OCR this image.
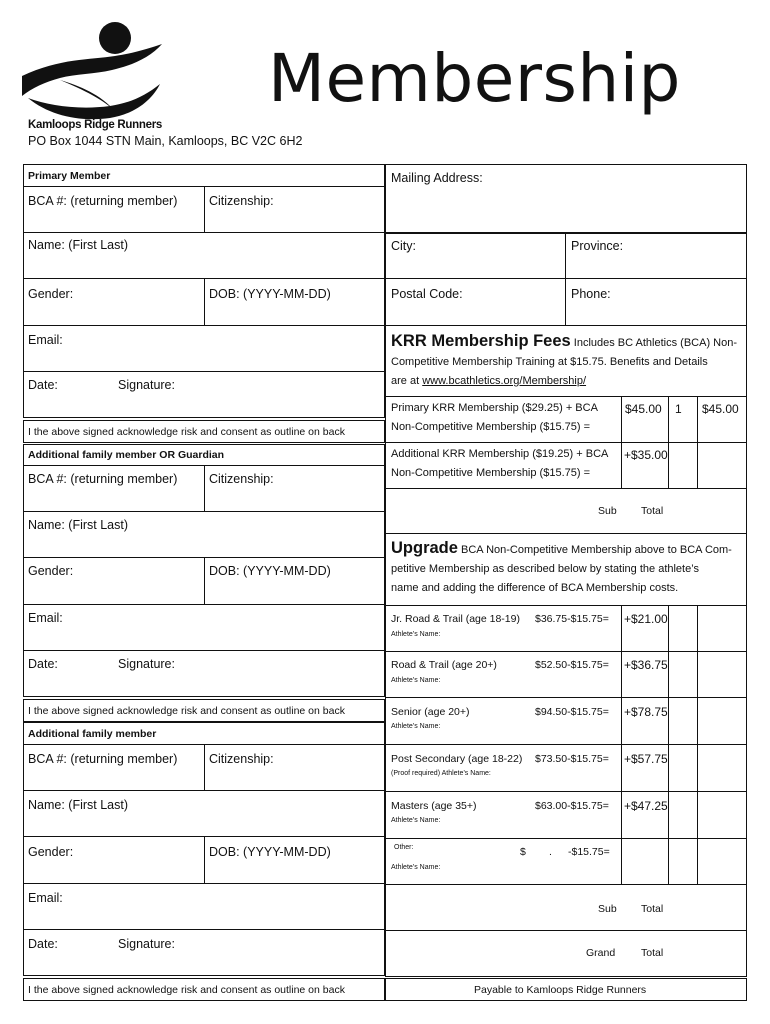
Membership
Kamloops Ridge Runners
PO Box 1044 STN Main, Kamloops, BC V2C 6H2
Primary Member
BCA #: (returning member)	Citizenship:
Name: (First Last)
Gender:	DOB: (YYYY-MM-DD)
Email:
Date:	Signature:
I the above signed acknowledge risk and consent as outline on back
Additional family member OR Guardian
BCA #: (returning member)	Citizenship:
Name: (First Last)
Gender:	DOB: (YYYY-MM-DD)
Email:
Date:	Signature:
I the above signed acknowledge risk and consent as outline on back
Additional family member
BCA #: (returning member)	Citizenship:
Name: (First Last)
Gender:	DOB: (YYYY-MM-DD)
Email:
Date:	Signature:
I the above signed acknowledge risk and consent as outline on back
Mailing Address:
City:	Province:
Postal Code:	Phone:
KRR Membership Fees Includes BC Athletics (BCA) Non-
Competitive Membership Training at $15.75. Benefits and Details
are at www.bcathletics.org/Membership/
Primary KRR Membership ($29.25) + BCA
Non-Competitive Membership ($15.75) =
$45.00 1 $45.00
Additional KRR Membership ($19.25) + BCA
Non-Competitive Membership ($15.75) =
+$35.00
Sub Total
Upgrade BCA Non-Competitive Membership above to BCA Com-
petitive Membership as described below by stating the athlete’s
name and adding the difference of BCA Membership costs.
Jr. Road & Trail (age 18-19) $36.75-$15.75=
Athlete’s Name:
+$21.00
Road & Trail (age 20+)	$52.50-$15.75=
Athlete’s Name:
+$36.75
Senior (age 20+)	$94.50-$15.75=
Athlete’s Name:
+$78.75
Post Secondary (age 18-22) $73.50-$15.75=
(Proof required) Athlete’s Name:
+$57.75
Masters (age 35+)	$63.00-$15.75=
Athlete’s Name:
+$47.25
Other:	$ . -$15.75=
Athlete’s Name:
Sub Total
Grand Total
Payable to Kamloops Ridge Runners
